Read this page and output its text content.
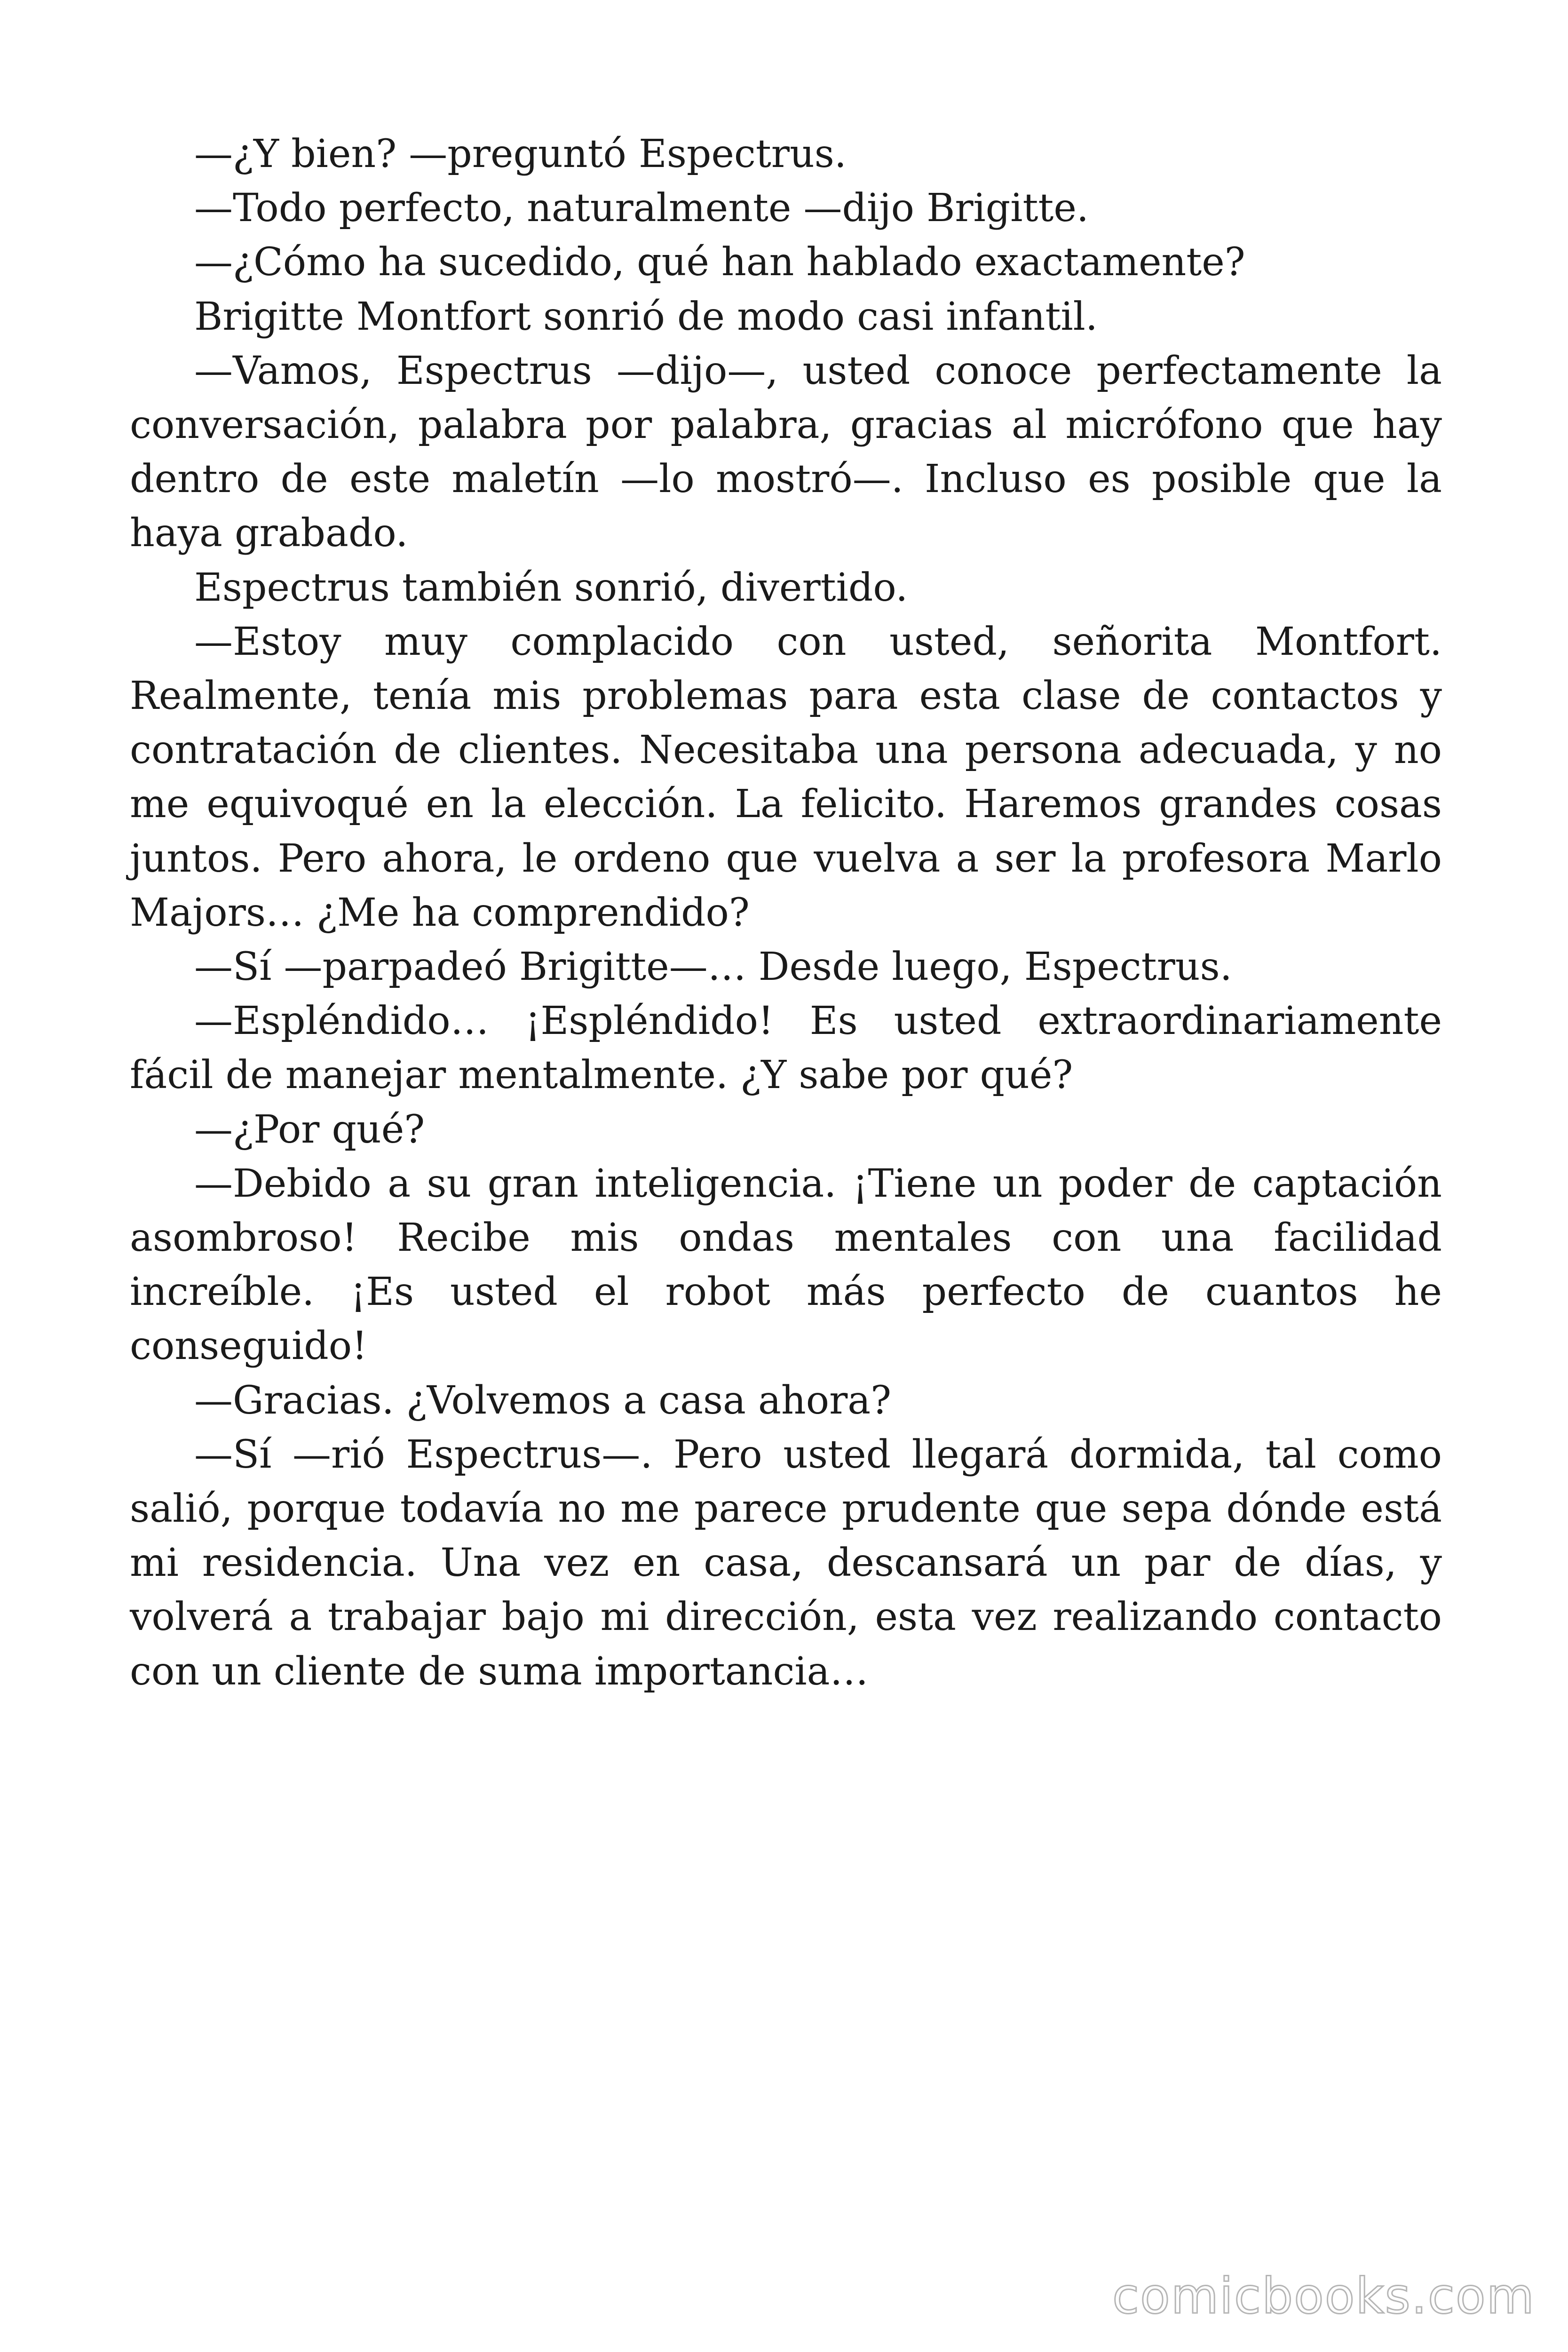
—¿Y bien? —preguntó Espectrus.

—Todo perfecto, naturalmente —dijo Brigitte.

—¿Cómo ha sucedido, qué han hablado exactamente?

Brigitte Montfort sonrió de modo casi infantil.

—Vamos, Espectrus —dijo—, usted conoce perfectamente la conversación, palabra por palabra, gracias al micrófono que hay dentro de este maletín —lo mostró—. Incluso es posible que la haya grabado.

Espectrus también sonrió, divertido.

—Estoy muy complacido con usted, señorita Montfort. Realmente, tenía mis problemas para esta clase de contactos y contratación de clientes. Necesitaba una persona adecuada, y no me equivoqué en la elección. La felicito. Haremos grandes cosas juntos. Pero ahora, le ordeno que vuelva a ser la profesora Marlo Majors… ¿Me ha comprendido?

—Sí —parpadeó Brigitte—… Desde luego, Espectrus.

—Espléndido… ¡Espléndido! Es usted extraordinariamente fácil de manejar mentalmente. ¿Y sabe por qué?

—¿Por qué?

—Debido a su gran inteligencia. ¡Tiene un poder de captación asombroso! Recibe mis ondas mentales con una facilidad increíble. ¡Es usted el robot más perfecto de cuantos he conseguido!

—Gracias. ¿Volvemos a casa ahora?

—Sí —rió Espectrus—. Pero usted llegará dormida, tal como salió, porque todavía no me parece prudente que sepa dónde está mi residencia. Una vez en casa, descansará un par de días, y volverá a trabajar bajo mi dirección, esta vez realizando contacto con un cliente de suma importancia…

comicbooks.com
